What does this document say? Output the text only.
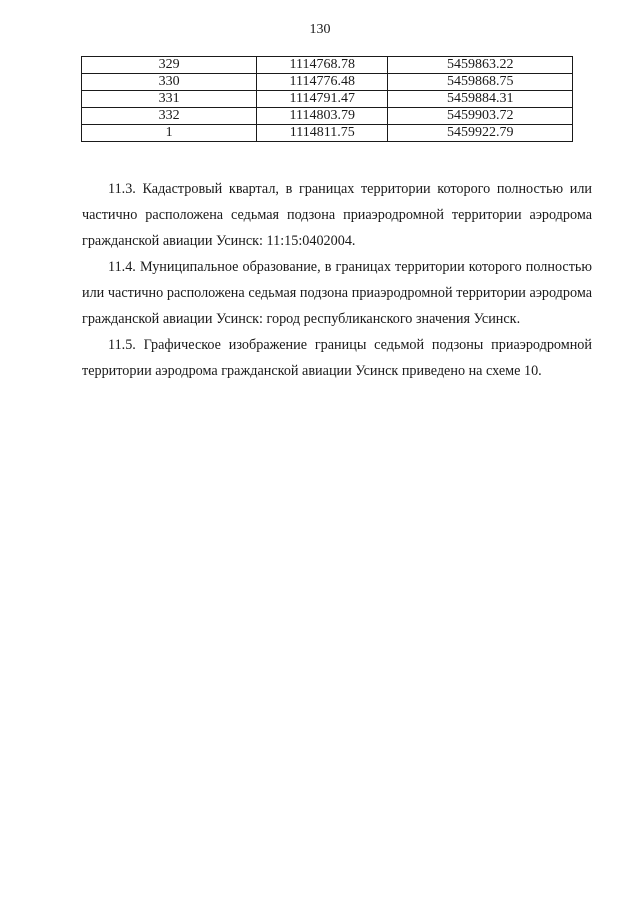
130
329	1114768.78	5459863.22
330	1114776.48	5459868.75
331	1114791.47	5459884.31
332	1114803.79	5459903.72
1	1114811.75	5459922.79

11.3. Кадастровый квартал, в границах территории которого полностью или частично расположена седьмая подзона приаэродромной территории аэродрома гражданской авиации Усинск: 11:15:0402004.

11.4. Муниципальное образование, в границах территории которого полностью или частично расположена седьмая подзона приаэродромной территории аэродрома гражданской авиации Усинск: город республиканского значения Усинск.

11.5. Графическое изображение границы седьмой подзоны приаэродромной территории аэродрома гражданской авиации Усинск приведено на схеме 10.
